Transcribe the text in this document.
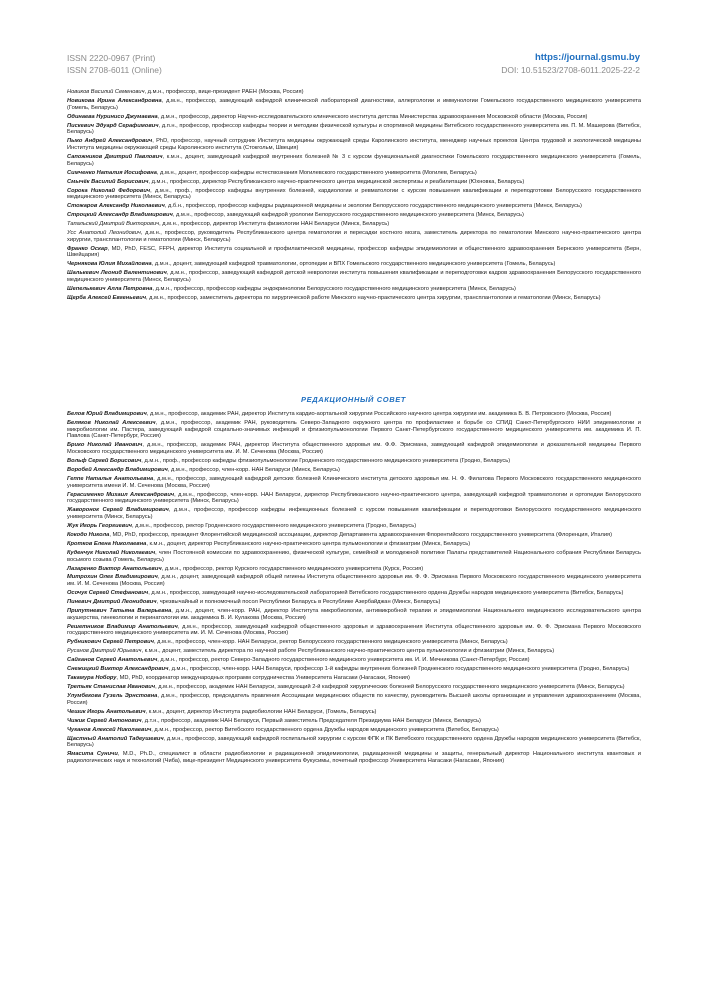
ISSN 2220-0967 (Print)
ISSN 2708-6011 (Online)
https://journal.gsmu.by
DOI: 10.51523/2708-6011.2025-22-2
Новиков Василий Семенович, д.м.н., профессор, вице-президент РАЕН (Москва, Россия)
Новикова Ирина Александровна, д.м.н., профессор, заведующий кафедрой клинической лабораторной диагностики, аллергологии и иммунологии Гомельского государственного медицинского университета (Гомель, Беларусь)
Одинаева Нуринисо Джумаевна, д.м.н., профессор, директор Научно-исследовательского клинического института детства Министерства здравоохранения Московской области (Москва, Россия)
Пискевич Эдуард Серафимович, д.п.н., профессор, профессор кафедры теории и методики физической культуры и спортивной медицины Витебского государственного университета им. П. М. Машерова (Витебск, Беларусь)
Пыко Андрей Александрович, PhD, профессор, научный сотрудник Института медицины окружающей среды Каролинского института, менеджер научных проектов Центра трудовой и экологической медицины Института медицины окружающей среды Каролинского института (Стокгольм, Швеция)
Сапожников Дмитрий Павлович, к.м.н., доцент, заведующий кафедрой внутренних болезней № 3 с курсом функциональной диагностики Гомельского государственного медицинского университета (Гомель, Беларусь)
Симченко Наталия Иосифовна, д.м.н., доцент, профессор кафедры естествознания Могилевского государственного университета (Могилев, Беларусь)
Смычёк Василий Борисович, д.м.н., профессор, директор Республиканского научно-практического центра медицинской экспертизы и реабилитации (Юхновка, Беларусь)
Сорока Николай Федорович, д.м.н., проф., профессор кафедры внутренних болезней, кардиологии и ревматологии с курсом повышения квалификации и переподготовки Белорусского государственного медицинского университета (Минск, Беларусь)
Стожаров Александр Николаевич, д.б.н., профессор, профессор кафедры радиационной медицины и экологии Белорусского государственного медицинского университета (Минск, Беларусь)
Строцкий Александр Владимирович, д.м.н., профессор, заведующий кафедрой урологии Белорусского государственного медицинского университета (Минск, Беларусь)
Тапальский Дмитрий Викторович, д.м.н., профессор, директор Института физиологии НАН Беларуси (Минск, Беларусь)
Усс Анатолий Леонидович, д.м.н., профессор, руководитель Республиканского центра гематологии и пересадки костного мозга, заместитель директора по гематологии Минского научно-практического центра хирургии, трансплантологии и гематологии (Минск, Беларусь)
Франко Оскар, MD, PhD, FESC, FFPH, директор Института социальной и профилактической медицины, профессор кафедры эпидемиологии и общественного здравоохранения Бернского университета (Берн, Швейцария)
Чернякова Юлия Михайловна, д.м.н., доцент, заведующий кафедрой травматологии, ортопедии и ВПХ Гомельского государственного медицинского университета (Гомель, Беларусь)
Шалькевич Леонид Валентинович, д.м.н., профессор, заведующий кафедрой детской неврологии института повышения квалификации и переподготовки кадров здравоохранения Белорусского государственного медицинского университета (Минск, Беларусь)
Шепелькевич Алла Петровна, д.м.н., профессор, профессор кафедры эндокринологии Белорусского государственного медицинского университета (Минск, Беларусь)
Щерба Алексей Евгеньевич, д.м.н., профессор, заместитель директора по хирургической работе Минского научно-практического центра хирургии, трансплантологии и гематологии (Минск, Беларусь)
РЕДАКЦИОННЫЙ СОВЕТ
Белов Юрий Владимирович, д.м.н., профессор, академик РАН, директор Института кардио-аортальной хирургии Российского научного центра хирургии им. академика Б. В. Петровского (Москва, Россия)
Беляков Николай Алексеевич, д.м.н., профессор, академик РАН, руководитель Северо-Западного окружного центра по профилактике и борьбе со СПИД Санкт-Петербургского НИИ эпидемиологии и микробиологии им. Пастера, заведующий кафедрой социально-значимых инфекций и фтизиопульмонологии Первого Санкт-Петербургского государственного медицинского университета им. академика И. П. Павлова (Санкт-Петербург, Россия)
Брико Николай Иванович, д.м.н., профессор, академик РАН, директор Института общественного здоровья им. Ф.Ф. Эрисмана, заведующий кафедрой эпидемиологии и доказательной медицины Первого Московского государственного медицинского университета им. И. М. Сеченова (Москва, Россия)
Вольф Сергей Борисович, д.м.н., проф., профессор кафедры фтизиопульмонологии Гродненского государственного медицинского университета (Гродно, Беларусь)
Воробей Александр Владимирович, д.м.н., профессор, член-корр. НАН Беларуси (Минск, Беларусь)
Геппе Наталья Анатольевна, д.м.н., профессор, заведующий кафедрой детских болезней Клинического института детского здоровья им. Н. Ф. Филатова Первого Московского государственного медицинского университета имени И. М. Сеченова (Москва, Россия)
Герасименко Михаил Александрович, д.м.н., профессор, член-корр. НАН Беларуси, директор Республиканского научно-практического центра, заведующий кафедрой травматологии и ортопедии Белорусского государственного медицинского университета (Минск, Беларусь)
Жаворонок Сергей Владимирович, д.м.н., профессор, профессор кафедры инфекционных болезней с курсом повышения квалификации и переподготовки Белорусского государственного медицинского университета (Минск, Беларусь)
Жук Игорь Георгиевич, д.м.н., профессор, ректор Гродненского государственного медицинского университета (Гродно, Беларусь)
Кокодо Никола, MD, PhD, профессор, президент Флорентийской медицинской ассоциации, директор Департамента здравоохранения Флорентийского государственного университета (Флоренция, Италия)
Кротков Елена Николаевна, к.м.н., доцент, директор Республиканского научно-практического центра пульмонологии и фтизиатрии (Минск, Беларусь)
Куденчук Николай Николаевич, член Постоянной комиссии по здравоохранению, физической культуре, семейной и молодежной политике Палаты представителей Национального собрания Республики Беларусь восьмого созыва (Гомель, Беларусь)
Лазаренко Виктор Анатольевич, д.м.н., профессор, ректор Курского государственного медицинского университета (Курск, Россия)
Митрохин Олег Владимирович, д.м.н., доцент, заведующий кафедрой общей гигиены Института общественного здоровья им. Ф. Ф. Эрисмана Первого Московского государственного медицинского университета им. И. М. Сеченова (Москва, Россия)
Осочук Сергей Стефанович, д.м.н., профессор, заведующий научно-исследовательской лабораторией Витебского государственного ордена Дружбы народов медицинского университета (Витебск, Беларусь)
Пиневич Дмитрий Леонидович, чрезвычайный и полномочный посол Республики Беларусь в Республике Азербайджан (Минск, Беларусь)
Припутневич Татьяна Валерьевна, д.м.н., доцент, член-корр. РАН, директор Института микробиологии, антимикробной терапии и эпидемиологии Национального медицинского исследовательского центра акушерства, гинекологии и перинатологии им. академика В. И. Кулакова (Москва, Россия)
Решетников Владимир Анатольевич, д.м.н., профессор, заведующий кафедрой общественного здоровья и здравоохранения Института общественного здоровья им. Ф. Ф. Эрисмана Первого Московского государственного медицинского университета им. И. М. Сеченова (Москва, Россия)
Рубникович Сергей Петрович, д.м.н., профессор, член-корр. НАН Беларуси, ректор Белорусского государственного медицинского университета (Минск, Беларусь)
Русанов Дмитрий Юрьевич, к.м.н., доцент, заместитель директора по научной работе Республиканского научно-практического центра пульмонологии и фтизиатрии (Минск, Беларусь)
Сайганов Сергей Анатольевич, д.м.н., профессор, ректор Северо-Западного государственного медицинского университета им. И. И. Мечникова (Санкт-Петербург, Россия)
Снежицкий Виктор Александрович, д.м.н., профессор, член-корр. НАН Беларуси, профессор 1-й кафедры внутренних болезней Гродненского государственного медицинского университета (Гродно, Беларусь)
Такамура Нобору, MD, PhD, координатор международных программ сотрудничества Университета Нагасаки (Нагасаки, Япония)
Третьяк Станислав Иванович, д.м.н., профессор, академик НАН Беларуси, заведующий 2-й кафедрой хирургических болезней Белорусского государственного медицинского университета (Минск, Беларусь)
Улумбекова Гузель Эрнстовна, д.м.н., профессор, председатель правления Ассоциации медицинских обществ по качеству, руководитель Высшей школы организации и управления здравоохранением (Москва, Россия)
Чешик Игорь Анатольевич, к.м.н., доцент, директор Института радиобиологии НАН Беларуси, (Гомель, Беларусь)
Чижик Сергей Антонович, д.т.н., профессор, академик НАН Беларуси, Первый заместитель Председателя Президиума НАН Беларуси (Минск, Беларусь)
Чуканов Алексей Николаевич, д.м.н., профессор, ректор Витебского государственного ордена Дружбы народов медицинского университета (Витебск, Беларусь)
Щастный Анатолий Тадеушевич, д.м.н., профессор, заведующий кафедрой госпитальной хирургии с курсом ФПК и ПК Витебского государственного ордена Дружбы народов медицинского университета (Витебск, Беларусь)
Ямасита Суничи, M.D., Ph.D., специалист в области радиобиологии и радиационной эпидемиологии, радиационной медицины и защиты, генеральный директор Национального института квантовых и радиологических наук и технологий (Чиба), вице-президент Медицинского университета Фукусимы, почетный профессор Университета Нагасаки (Нагасаки, Япония)
